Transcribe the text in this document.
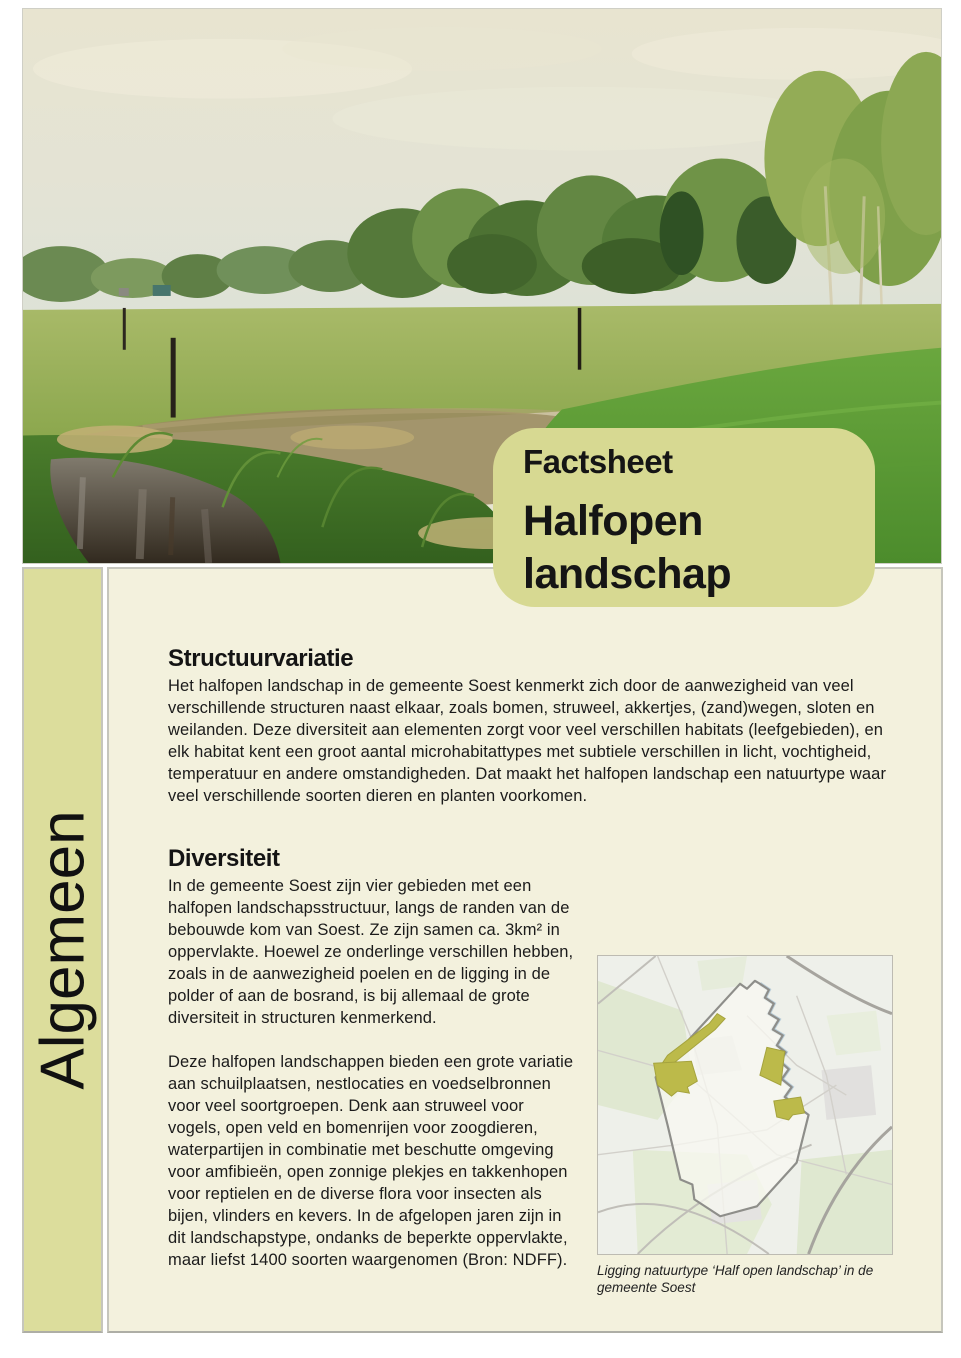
Factsheet
Halfopen landschap
Algemeen
Structuurvariatie

Het halfopen landschap in de gemeente Soest kenmerkt zich door de aanwezigheid van veel verschillende structuren naast elkaar, zoals bomen, struweel, akkertjes, (zand)wegen, sloten en weilanden. Deze diversiteit aan elementen zorgt voor veel verschillen habitats (leefgebieden), en elk habitat kent een groot aantal microhabitattypes met subtiele verschillen in licht, vochtigheid, temperatuur en andere omstandigheden. Dat maakt het halfopen landschap een natuurtype waar veel verschillende soorten dieren en planten voorkomen.

Diversiteit
Ligging natuurtype ‘Half open landschap’ in de gemeente Soest

In de gemeente Soest zijn vier gebieden met een halfopen landschapsstructuur, langs de randen van de bebouwde kom van Soest. Ze zijn samen ca. 3km² in oppervlakte. Hoewel ze onderlinge verschillen hebben, zoals in de aanwezigheid poelen en de ligging in de polder of aan de bosrand, is bij allemaal de grote diversiteit in structuren kenmerkend.

Deze halfopen landschappen bieden een grote variatie aan schuilplaatsen, nestlocaties en voedselbronnen voor veel soortgroepen. Denk aan struweel voor vogels, open veld en bomenrijen voor zoogdieren, waterpartijen in combinatie met beschutte omgeving voor amfibieën, open zonnige plekjes en takkenhopen voor reptielen en de diverse flora voor insecten als bijen, vlinders en kevers. In de afgelopen jaren zijn in dit landschapstype, ondanks de beperkte oppervlakte, maar liefst 1400 soorten waargenomen (Bron: NDFF).
